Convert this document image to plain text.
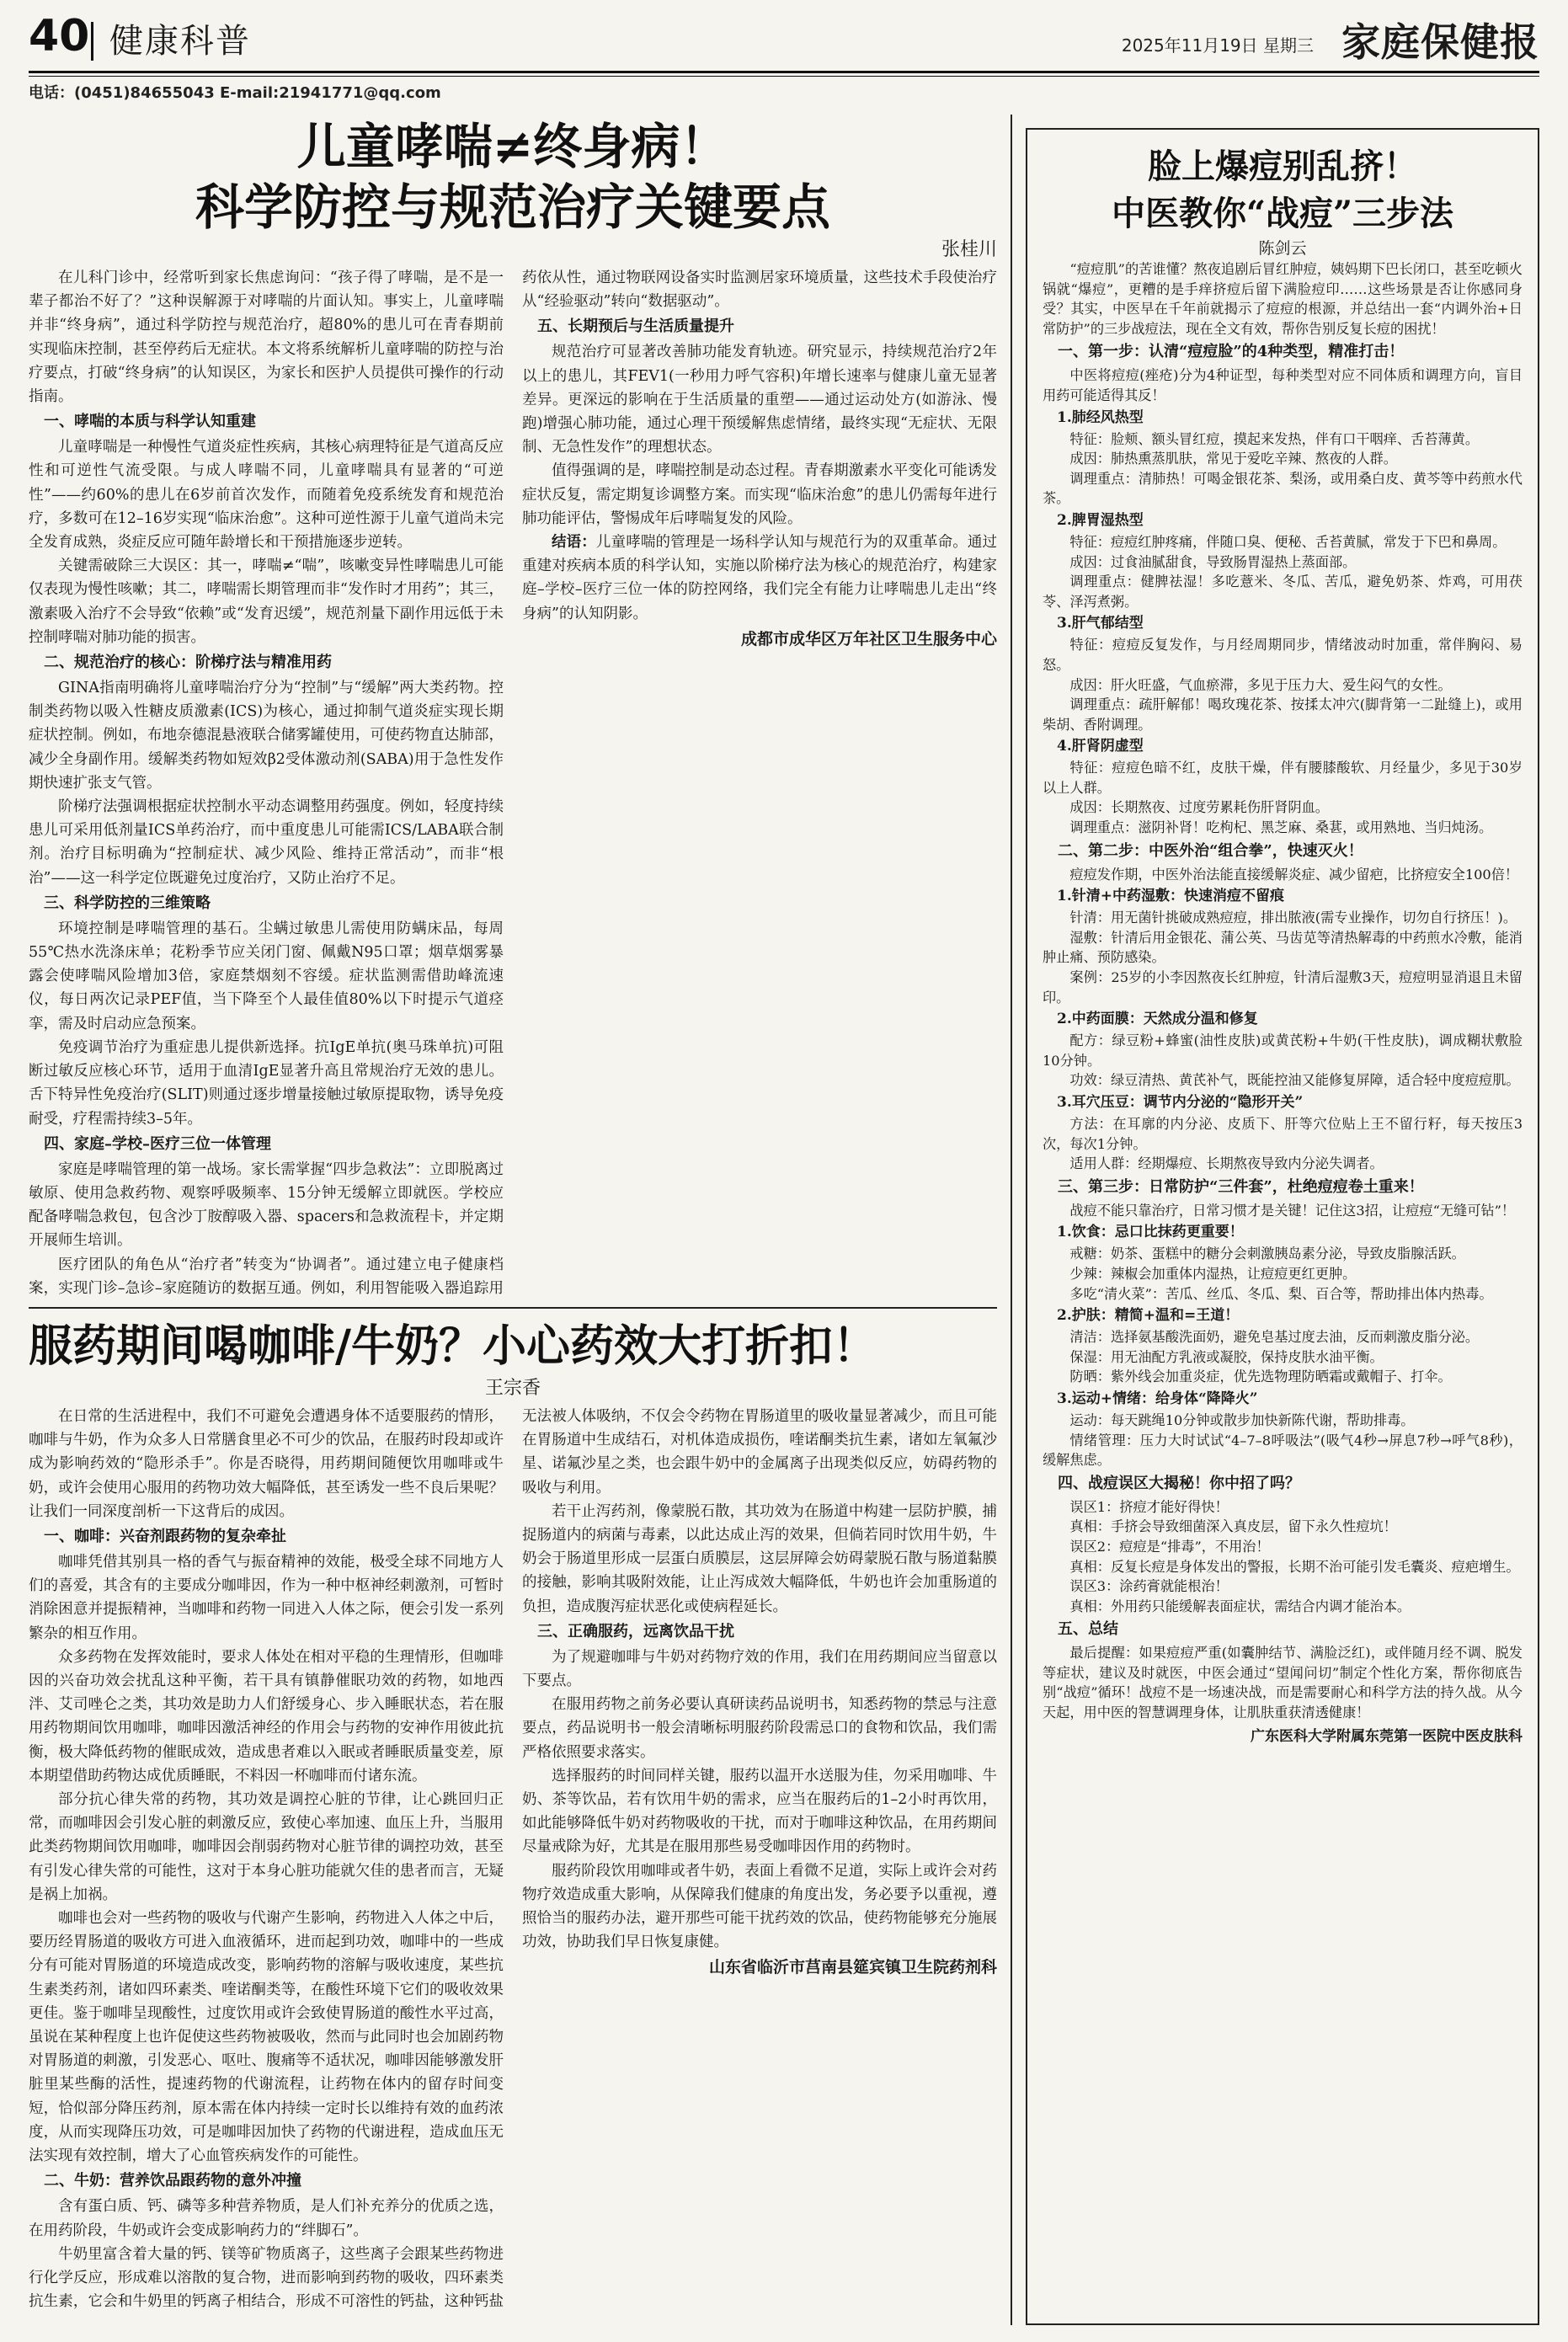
40 健康科普	2025年11月19日 星期三 家庭保健报
电话：(0451)84655043 E-mail:21941771@qq.com
儿童哮喘≠终身病！
科学防控与规范治疗关键要点
张桂川

在儿科门诊中，经常听到家长焦虑询问：“孩子得了哮喘，是不是一辈子都治不好了？”这种误解源于对哮喘的片面认知。事实上，儿童哮喘并非“终身病”，通过科学防控与规范治疗，超80%的患儿可在青春期前实现临床控制，甚至停药后无症状。本文将系统解析儿童哮喘的防控与治疗要点，打破“终身病”的认知误区，为家长和医护人员提供可操作的行动指南。

一、哮喘的本质与科学认知重建

儿童哮喘是一种慢性气道炎症性疾病，其核心病理特征是气道高反应性和可逆性气流受限。与成人哮喘不同，儿童哮喘具有显著的“可逆性”——约60%的患儿在6岁前首次发作，而随着免疫系统发育和规范治疗，多数可在12–16岁实现“临床治愈”。这种可逆性源于儿童气道尚未完全发育成熟，炎症反应可随年龄增长和干预措施逐步逆转。

关键需破除三大误区：其一，哮喘≠“喘”，咳嗽变异性哮喘患儿可能仅表现为慢性咳嗽；其二，哮喘需长期管理而非“发作时才用药”；其三，激素吸入治疗不会导致“依赖”或“发育迟缓”，规范剂量下副作用远低于未控制哮喘对肺功能的损害。

二、规范治疗的核心：阶梯疗法与精准用药

GINA指南明确将儿童哮喘治疗分为“控制”与“缓解”两大类药物。控制类药物以吸入性糖皮质激素(ICS)为核心，通过抑制气道炎症实现长期症状控制。例如，布地奈德混悬液联合储雾罐使用，可使药物直达肺部，减少全身副作用。缓解类药物如短效β2受体激动剂(SABA)用于急性发作期快速扩张支气管。

阶梯疗法强调根据症状控制水平动态调整用药强度。例如，轻度持续患儿可采用低剂量ICS单药治疗，而中重度患儿可能需ICS/LABA联合制剂。治疗目标明确为“控制症状、减少风险、维持正常活动”，而非“根治”——这一科学定位既避免过度治疗，又防止治疗不足。

三、科学防控的三维策略

环境控制是哮喘管理的基石。尘螨过敏患儿需使用防螨床品，每周55℃热水洗涤床单；花粉季节应关闭门窗、佩戴N95口罩；烟草烟雾暴露会使哮喘风险增加3倍，家庭禁烟刻不容缓。症状监测需借助峰流速仪，每日两次记录PEF值，当下降至个人最佳值80%以下时提示气道痉挛，需及时启动应急预案。

免疫调节治疗为重症患儿提供新选择。抗IgE单抗(奥马珠单抗)可阻断过敏反应核心环节，适用于血清IgE显著升高且常规治疗无效的患儿。舌下特异性免疫治疗(SLIT)则通过逐步增量接触过敏原提取物，诱导免疫耐受，疗程需持续3–5年。

四、家庭–学校–医疗三位一体管理

家庭是哮喘管理的第一战场。家长需掌握“四步急救法”：立即脱离过敏原、使用急救药物、观察呼吸频率、15分钟无缓解立即就医。学校应配备哮喘急救包，包含沙丁胺醇吸入器、spacers和急救流程卡，并定期开展师生培训。

医疗团队的角色从“治疗者”转变为“协调者”。通过建立电子健康档案，实现门诊–急诊–家庭随访的数据互通。例如，利用智能吸入器追踪用药依从性，通过物联网设备实时监测居家环境质量，这些技术手段使治疗从“经验驱动”转向“数据驱动”。

五、长期预后与生活质量提升

规范治疗可显著改善肺功能发育轨迹。研究显示，持续规范治疗2年以上的患儿，其FEV1(一秒用力呼气容积)年增长速率与健康儿童无显著差异。更深远的影响在于生活质量的重塑——通过运动处方(如游泳、慢跑)增强心肺功能，通过心理干预缓解焦虑情绪，最终实现“无症状、无限制、无急性发作”的理想状态。

值得强调的是，哮喘控制是动态过程。青春期激素水平变化可能诱发症状反复，需定期复诊调整方案。而实现“临床治愈”的患儿仍需每年进行肺功能评估，警惕成年后哮喘复发的风险。

结语：儿童哮喘的管理是一场科学认知与规范行为的双重革命。通过重建对疾病本质的科学认知，实施以阶梯疗法为核心的规范治疗，构建家庭–学校–医疗三位一体的防控网络，我们完全有能力让哮喘患儿走出“终身病”的认知阴影。

成都市成华区万年社区卫生服务中心
服药期间喝咖啡/牛奶？小心药效大打折扣！
王宗香

在日常的生活进程中，我们不可避免会遭遇身体不适要服药的情形，咖啡与牛奶，作为众多人日常膳食里必不可少的饮品，在服药时段却或许成为影响药效的“隐形杀手”。你是否晓得，用药期间随便饮用咖啡或牛奶，或许会使用心服用的药物功效大幅降低，甚至诱发一些不良后果呢？让我们一同深度剖析一下这背后的成因。

一、咖啡：兴奋剂跟药物的复杂牵扯

咖啡凭借其别具一格的香气与振奋精神的效能，极受全球不同地方人们的喜爱，其含有的主要成分咖啡因，作为一种中枢神经刺激剂，可暂时消除困意并提振精神，当咖啡和药物一同进入人体之际，便会引发一系列繁杂的相互作用。

众多药物在发挥效能时，要求人体处在相对平稳的生理情形，但咖啡因的兴奋功效会扰乱这种平衡，若干具有镇静催眠功效的药物，如地西泮、艾司唑仑之类，其功效是助力人们舒缓身心、步入睡眠状态，若在服用药物期间饮用咖啡，咖啡因激活神经的作用会与药物的安神作用彼此抗衡，极大降低药物的催眠成效，造成患者难以入眠或者睡眠质量变差，原本期望借助药物达成优质睡眠，不料因一杯咖啡而付诸东流。

部分抗心律失常的药物，其功效是调控心脏的节律，让心跳回归正常，而咖啡因会引发心脏的刺激反应，致使心率加速、血压上升，当服用此类药物期间饮用咖啡，咖啡因会削弱药物对心脏节律的调控功效，甚至有引发心律失常的可能性，这对于本身心脏功能就欠佳的患者而言，无疑是祸上加祸。

咖啡也会对一些药物的吸收与代谢产生影响，药物进入人体之中后，要历经胃肠道的吸收方可进入血液循环，进而起到功效，咖啡中的一些成分有可能对胃肠道的环境造成改变，影响药物的溶解与吸收速度，某些抗生素类药剂，诸如四环素类、喹诺酮类等，在酸性环境下它们的吸收效果更佳。鉴于咖啡呈现酸性，过度饮用或许会致使胃肠道的酸性水平过高，虽说在某种程度上也许促使这些药物被吸收，然而与此同时也会加剧药物对胃肠道的刺激，引发恶心、呕吐、腹痛等不适状况，咖啡因能够激发肝脏里某些酶的活性，提速药物的代谢流程，让药物在体内的留存时间变短，恰似部分降压药剂，原本需在体内持续一定时长以维持有效的血药浓度，从而实现降压功效，可是咖啡因加快了药物的代谢进程，造成血压无法实现有效控制，增大了心血管疾病发作的可能性。

二、牛奶：营养饮品跟药物的意外冲撞

含有蛋白质、钙、磷等多种营养物质，是人们补充养分的优质之选，在用药阶段，牛奶或许会变成影响药力的“绊脚石”。

牛奶里富含着大量的钙、镁等矿物质离子，这些离子会跟某些药物进行化学反应，形成难以溶散的复合物，进而影响到药物的吸收，四环素类抗生素，它会和牛奶里的钙离子相结合，形成不可溶性的钙盐，这种钙盐无法被人体吸纳，不仅会令药物在胃肠道里的吸收量显著减少，而且可能在胃肠道中生成结石，对机体造成损伤，喹诺酮类抗生素，诸如左氧氟沙星、诺氟沙星之类，也会跟牛奶中的金属离子出现类似反应，妨碍药物的吸收与利用。

若干止泻药剂，像蒙脱石散，其功效为在肠道中构建一层防护膜，捕捉肠道内的病菌与毒素，以此达成止泻的效果，但倘若同时饮用牛奶，牛奶会于肠道里形成一层蛋白质膜层，这层屏障会妨碍蒙脱石散与肠道黏膜的接触，影响其吸附效能，让止泻成效大幅降低，牛奶也许会加重肠道的负担，造成腹泻症状恶化或使病程延长。

三、正确服药，远离饮品干扰

为了规避咖啡与牛奶对药物疗效的作用，我们在用药期间应当留意以下要点。

在服用药物之前务必要认真研读药品说明书，知悉药物的禁忌与注意要点，药品说明书一般会清晰标明服药阶段需忌口的食物和饮品，我们需严格依照要求落实。

选择服药的时间同样关键，服药以温开水送服为佳，勿采用咖啡、牛奶、茶等饮品，若有饮用牛奶的需求，应当在服药后的1–2小时再饮用，如此能够降低牛奶对药物吸收的干扰，而对于咖啡这种饮品，在用药期间尽量戒除为好，尤其是在服用那些易受咖啡因作用的药物时。

服药阶段饮用咖啡或者牛奶，表面上看微不足道，实际上或许会对药物疗效造成重大影响，从保障我们健康的角度出发，务必要予以重视，遵照恰当的服药办法，避开那些可能干扰药效的饮品，使药物能够充分施展功效，协助我们早日恢复康健。

山东省临沂市莒南县筵宾镇卫生院药剂科
脸上爆痘别乱挤！
中医教你“战痘”三步法
陈剑云

“痘痘肌”的苦谁懂？熬夜追剧后冒红肿痘，姨妈期下巴长闭口，甚至吃顿火锅就“爆痘”，更糟的是手痒挤痘后留下满脸痘印……这些场景是否让你感同身受？其实，中医早在千年前就揭示了痘痘的根源，并总结出一套“内调外治+日常防护”的三步战痘法，现在全文有效，帮你告别反复长痘的困扰！

一、第一步：认清“痘痘脸”的4种类型，精准打击！

中医将痘痘(痤疮)分为4种证型，每种类型对应不同体质和调理方向，盲目用药可能适得其反！

1.肺经风热型

特征：脸颊、额头冒红痘，摸起来发热，伴有口干咽痒、舌苔薄黄。

成因：肺热熏蒸肌肤，常见于爱吃辛辣、熬夜的人群。

调理重点：清肺热！可喝金银花茶、梨汤，或用桑白皮、黄芩等中药煎水代茶。

2.脾胃湿热型

特征：痘痘红肿疼痛，伴随口臭、便秘、舌苔黄腻，常发于下巴和鼻周。

成因：过食油腻甜食，导致肠胃湿热上蒸面部。

调理重点：健脾祛湿！多吃薏米、冬瓜、苦瓜，避免奶茶、炸鸡，可用茯苓、泽泻煮粥。

3.肝气郁结型

特征：痘痘反复发作，与月经周期同步，情绪波动时加重，常伴胸闷、易怒。

成因：肝火旺盛，气血瘀滞，多见于压力大、爱生闷气的女性。

调理重点：疏肝解郁！喝玫瑰花茶、按揉太冲穴(脚背第一二趾缝上)，或用柴胡、香附调理。

4.肝肾阴虚型

特征：痘痘色暗不红，皮肤干燥，伴有腰膝酸软、月经量少，多见于30岁以上人群。

成因：长期熬夜、过度劳累耗伤肝肾阴血。

调理重点：滋阴补肾！吃枸杞、黑芝麻、桑葚，或用熟地、当归炖汤。

二、第二步：中医外治“组合拳”，快速灭火！

痘痘发作期，中医外治法能直接缓解炎症、减少留疤，比挤痘安全100倍！

1.针清+中药湿敷：快速消痘不留痕

针清：用无菌针挑破成熟痘痘，排出脓液(需专业操作，切勿自行挤压！)。

湿敷：针清后用金银花、蒲公英、马齿苋等清热解毒的中药煎水冷敷，能消肿止痛、预防感染。

案例：25岁的小李因熬夜长红肿痘，针清后湿敷3天，痘痘明显消退且未留印。

2.中药面膜：天然成分温和修复

配方：绿豆粉+蜂蜜(油性皮肤)或黄芪粉+牛奶(干性皮肤)，调成糊状敷脸10分钟。

功效：绿豆清热、黄芪补气，既能控油又能修复屏障，适合轻中度痘痘肌。

3.耳穴压豆：调节内分泌的“隐形开关”

方法：在耳廓的内分泌、皮质下、肝等穴位贴上王不留行籽，每天按压3次，每次1分钟。

适用人群：经期爆痘、长期熬夜导致内分泌失调者。

三、第三步：日常防护“三件套”，杜绝痘痘卷土重来！

战痘不能只靠治疗，日常习惯才是关键！记住这3招，让痘痘“无缝可钻”！

1.饮食：忌口比抹药更重要！

戒糖：奶茶、蛋糕中的糖分会刺激胰岛素分泌，导致皮脂腺活跃。

少辣：辣椒会加重体内湿热，让痘痘更红更肿。

多吃“清火菜”：苦瓜、丝瓜、冬瓜、梨、百合等，帮助排出体内热毒。

2.护肤：精简+温和=王道！

清洁：选择氨基酸洗面奶，避免皂基过度去油，反而刺激皮脂分泌。

保湿：用无油配方乳液或凝胶，保持皮肤水油平衡。

防晒：紫外线会加重炎症，优先选物理防晒霜或戴帽子、打伞。

3.运动+情绪：给身体“降降火”

运动：每天跳绳10分钟或散步加快新陈代谢，帮助排毒。

情绪管理：压力大时试试“4–7–8呼吸法”(吸气4秒→屏息7秒→呼气8秒)，缓解焦虑。

四、战痘误区大揭秘！你中招了吗？

误区1：挤痘才能好得快！

真相：手挤会导致细菌深入真皮层，留下永久性痘坑！

误区2：痘痘是“排毒”，不用治！

真相：反复长痘是身体发出的警报，长期不治可能引发毛囊炎、痘疤增生。

误区3：涂药膏就能根治！

真相：外用药只能缓解表面症状，需结合内调才能治本。

五、总结

最后提醒：如果痘痘严重(如囊肿结节、满脸泛红)，或伴随月经不调、脱发等症状，建议及时就医，中医会通过“望闻问切”制定个性化方案，帮你彻底告别“战痘”循环！战痘不是一场速决战，而是需要耐心和科学方法的持久战。从今天起，用中医的智慧调理身体，让肌肤重获清透健康！

广东医科大学附属东莞第一医院中医皮肤科
